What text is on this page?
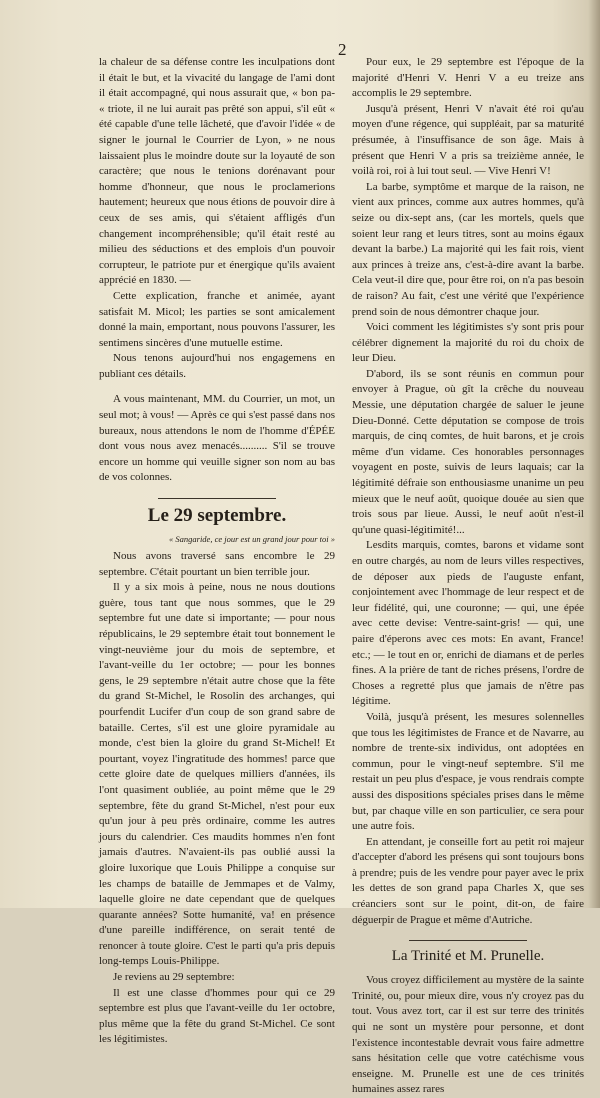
2

la chaleur de sa défense contre les inculpations dont il était le but, et la vivacité du langage de l'ami dont il était accompagné, qui nous assurait que, « bon pa- « triote, il ne lui aurait pas prêté son appui, s'il eût « été capable d'une telle lâcheté, que d'avoir l'idée « de signer le journal le Courrier de Lyon, » ne nous laissaient plus le moindre doute sur la loyauté de son caractère; que nous le tenions dorénavant pour homme d'honneur, que nous le proclamerions hautement; heureux que nous étions de pouvoir dire à ceux de ses amis, qui s'étaient affligés d'un changement incompréhensible; qu'il était resté au milieu des séductions et des emplois d'un pouvoir corrupteur, le patriote pur et énergique qu'ils avaient apprécié en 1830. —

Cette explication, franche et animée, ayant satisfait M. Micol; les parties se sont amicalement donné la main, emportant, nous pouvons l'assurer, les sentimens sincères d'une mutuelle estime.

Nous tenons aujourd'hui nos engagemens en publiant ces détails.

A vous maintenant, MM. du Courrier, un mot, un seul mot; à vous! — Après ce qui s'est passé dans nos bureaux, nous attendons le nom de l'homme d'ÉPÉE dont vous nous avez menacés.......... S'il se trouve encore un homme qui veuille signer son nom au bas de vos colonnes.

Le 29 septembre.
« Sangaride, ce jour est un grand jour pour toi »

Nous avons traversé sans encombre le 29 septembre. C'était pourtant un bien terrible jour.

Il y a six mois à peine, nous ne nous doutions guère, tous tant que nous sommes, que le 29 septembre fut une date si importante; — pour nous républicains, le 29 septembre était tout bonnement le vingt-neuvième jour du mois de septembre, et l'avant-veille du 1er octobre; — pour les bonnes gens, le 29 septembre n'était autre chose que la fête du grand St-Michel, le Rosolin des archanges, qui pourfendit Lucifer d'un coup de son grand sabre de bataille. Certes, s'il est une gloire pyramidale au monde, c'est bien la gloire du grand St-Michel! Et pourtant, voyez l'ingratitude des hommes! parce que cette gloire date de quelques milliers d'années, ils l'ont quasiment oubliée, au point même que le 29 septembre, fête du grand St-Michel, n'est pour eux qu'un jour à peu près ordinaire, comme les autres jours du calendrier. Ces maudits hommes n'en font jamais d'autres. N'avaient-ils pas oublié aussi la gloire luxorique que Louis Philippe a conquise sur les champs de bataille de Jemmapes et de Valmy, laquelle gloire ne date cependant que de quelques quarante années? Sotte humanité, va! en présence d'une pareille indifférence, on serait tenté de renoncer à toute gloire. C'est le parti qu'a pris depuis long-temps Louis-Philippe.

Je reviens au 29 septembre:

Il est une classe d'hommes pour qui ce 29 septembre est plus que l'avant-veille du 1er octobre, plus même que la fête du grand St-Michel. Ce sont les légitimistes.

Pour eux, le 29 septembre est l'époque de la majorité d'Henri V. Henri V a eu treize ans accomplis le 29 septembre.

Jusqu'à présent, Henri V n'avait été roi qu'au moyen d'une régence, qui suppléait, par sa maturité présumée, à l'insuffisance de son âge. Mais à présent que Henri V a pris sa treizième année, le voilà roi, roi à lui tout seul. — Vive Henri V!

La barbe, symptôme et marque de la raison, ne vient aux princes, comme aux autres hommes, qu'à seize ou dix-sept ans, (car les mortels, quels que soient leur rang et leurs titres, sont au moins égaux devant la barbe.) La majorité qui les fait rois, vient aux princes à treize ans, c'est-à-dire avant la barbe. Cela veut-il dire que, pour être roi, on n'a pas besoin de raison? Au fait, c'est une vérité que l'expérience prend soin de nous démontrer chaque jour.

Voici comment les légitimistes s'y sont pris pour célébrer dignement la majorité du roi du choix de leur Dieu.

D'abord, ils se sont réunis en commun pour envoyer à Prague, où gît la crêche du nouveau Messie, une députation chargée de saluer le jeune Dieu-Donné. Cette députation se compose de trois marquis, de cinq comtes, de huit barons, et je crois même d'un vidame. Ces honorables personnages voyagent en poste, suivis de leurs laquais; car la légitimité défraie son enthousiasme unanime un peu mieux que le neuf août, quoique douée au sien que trois sous par lieue. Aussi, le neuf août n'est-il qu'une quasi-légitimité!...

Lesdits marquis, comtes, barons et vidame sont en outre chargés, au nom de leurs villes respectives, de déposer aux pieds de l'auguste enfant, conjointement avec l'hommage de leur respect et de leur fidélité, qui, une couronne; — qui, une épée avec cette devise: Ventre-saint-gris! — qui, une paire d'éperons avec ces mots: En avant, France! etc.; — le tout en or, enrichi de diamans et de perles fines. A la prière de tant de riches présens, l'ordre de Choses a regretté plus que jamais de n'être pas légitime.

Voilà, jusqu'à présent, les mesures solennelles que tous les légitimistes de France et de Navarre, au nombre de trente-six individus, ont adoptées en commun, pour le vingt-neuf septembre. S'il me restait un peu plus d'espace, je vous rendrais compte aussi des dispositions spéciales prises dans le même but, par chaque ville en son particulier, ce sera pour une autre fois.

En attendant, je conseille fort au petit roi majeur d'accepter d'abord les présens qui sont toujours bons à prendre; puis de les vendre pour payer avec le prix les dettes de son grand papa Charles X, que ses créanciers sont sur le point, dit-on, de faire déguerpir de Prague et même d'Autriche.

La Trinité et M. Prunelle.

Vous croyez difficilement au mystère de la sainte Trinité, ou, pour mieux dire, vous n'y croyez pas du tout. Vous avez tort, car il est sur terre des trinités qui ne sont un mystère pour personne, et dont l'existence incontestable devrait vous faire admettre sans hésitation celle que votre catéchisme vous enseigne. M. Prunelle est une de ces trinités humaines assez rares
